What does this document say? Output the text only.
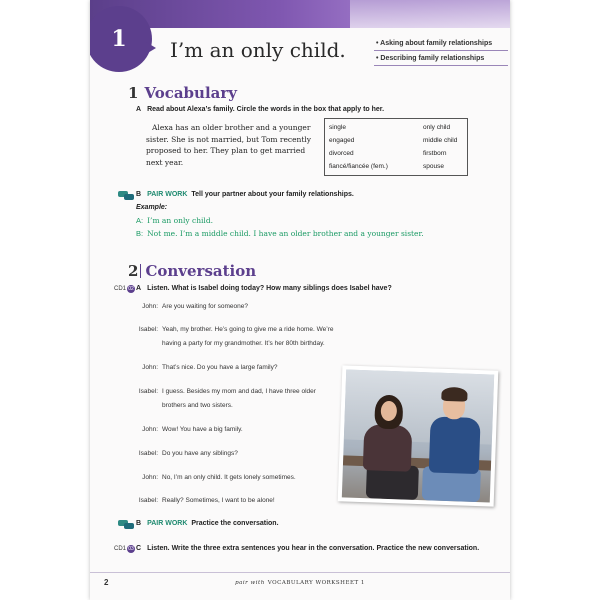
1 I’m an only child.	• Asking about family relationships
• Describing family relationships
1 Vocabulary
A Read about Alexa’s family. Circle the words in the box that apply to her.
Alexa has an older brother and a younger
sister. She is not married, but Tom recently
proposed to her. They plan to get married
next year.
single
engaged
divorced
fiancé/fiancée (fem.)
only child
middle child
firstborn
spouse
B PAIR WORK Tell your partner about your family relationships.
Example:
A: I’m an only child.
B: Not me. I’m a middle child. I have an older brother and a younger sister.
2 Conversation
CD1 02 A Listen. What is Isabel doing today? How many siblings does Isabel have?
John: Are you waiting for someone?
Isabel: Yeah, my brother. He’s going to give me a ride home. We’re
having a party for my grandmother. It’s her 80th birthday.
John: That’s nice. Do you have a large family?
Isabel: I guess. Besides my mom and dad, I have three older
brothers and two sisters.
John: Wow! You have a big family.
Isabel: Do you have any siblings?
John: No, I’m an only child. It gets lonely sometimes.
Isabel: Really? Sometimes, I want to be alone!
B PAIR WORK Practice the conversation.
CD1 03 C Listen. Write the three extra sentences you hear in the conversation. Practice the new conversation.
2	pair with VOCABULARY WORKSHEET 1
